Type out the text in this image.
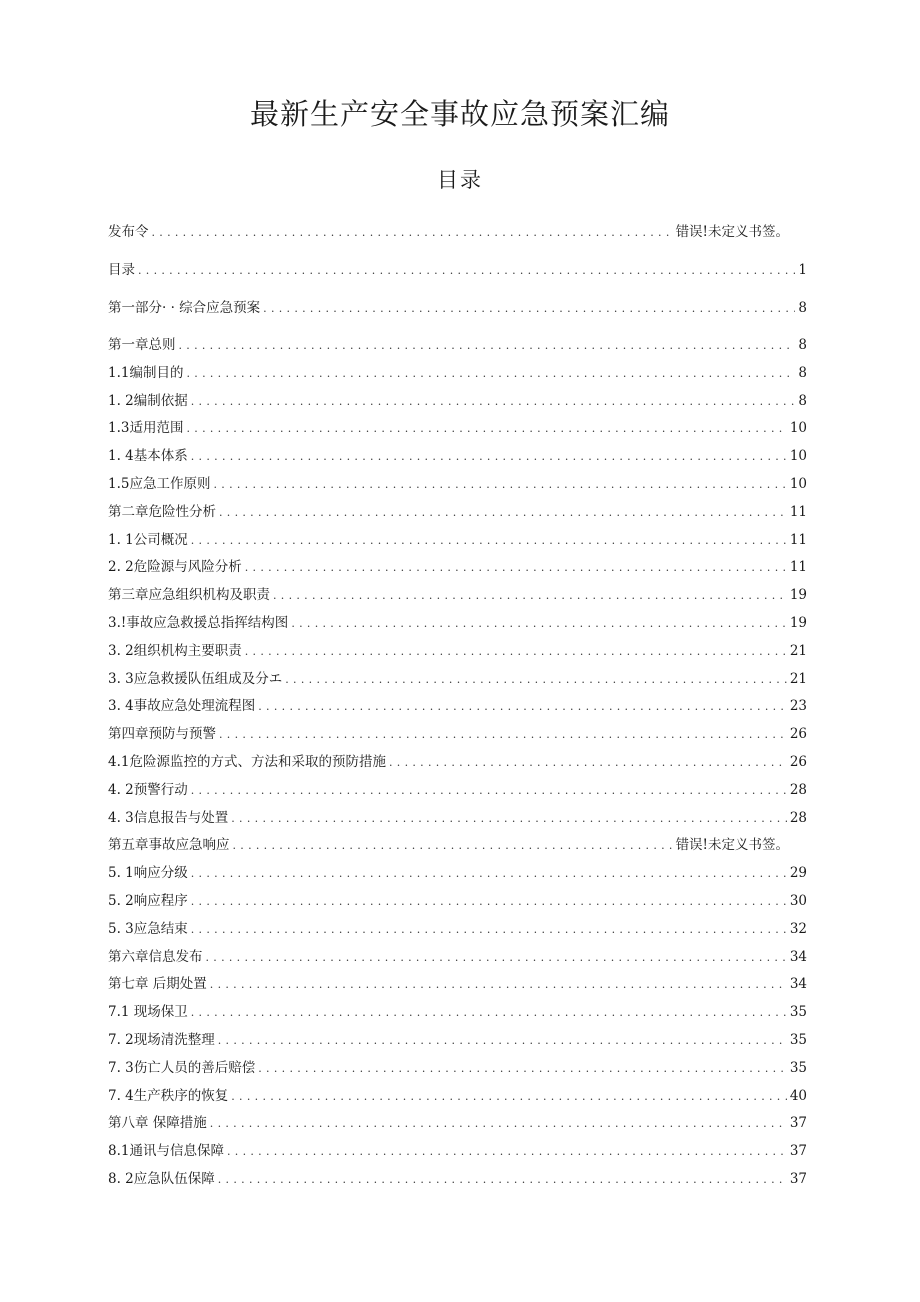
最新生产安全事故应急预案汇编
目录
发布令 . . .	错误!未定义书签。
目录 . . .	1
第一部分· · 综合应急预案 . . .	8
第一章总则 . . .	8
1.1编制目的 . . .	8
1. 2编制依据 . . .	8
1.3适用范围 . . .	10
1. 4基本体系 . . .	10
1.5应急工作原则 . . .	10
第二章危险性分析 . . .	11
1. 1公司概况 . . .	11
2. 2危险源与风险分析 . . .	11
第三章应急组织机构及职责 . . .	19
3.!事故应急救援总指挥结构图 . . .	19
3. 2组织机构主要职责 . . .	21
3. 3应急救援队伍组成及分エ . . .	21
3. 4事故应急处理流程图 . . .	23
第四章预防与预警 . . .	26
4.1危险源监控的方式、方法和采取的预防措施 . . .	26
4. 2预警行动 . . .	28
4. 3信息报告与处置 . . .	28
第五章事故应急响应 . . .	错误!未定义书签。
5. 1响应分级 . . .	29
5. 2响应程序 . . .	30
5. 3应急结束 . . .	32
第六章信息发布 . . .	34
第七章 后期处置 . . .	34
7.1 现场保卫 . . .	35
7. 2现场清洗整理 . . .	35
7. 3伤亡人员的善后赔偿 . . .	35
7. 4生产秩序的恢复 . . .	40
第八章 保障措施 . . .	37
8.1通讯与信息保障 . . .	37
8. 2应急队伍保障 . . .	37
